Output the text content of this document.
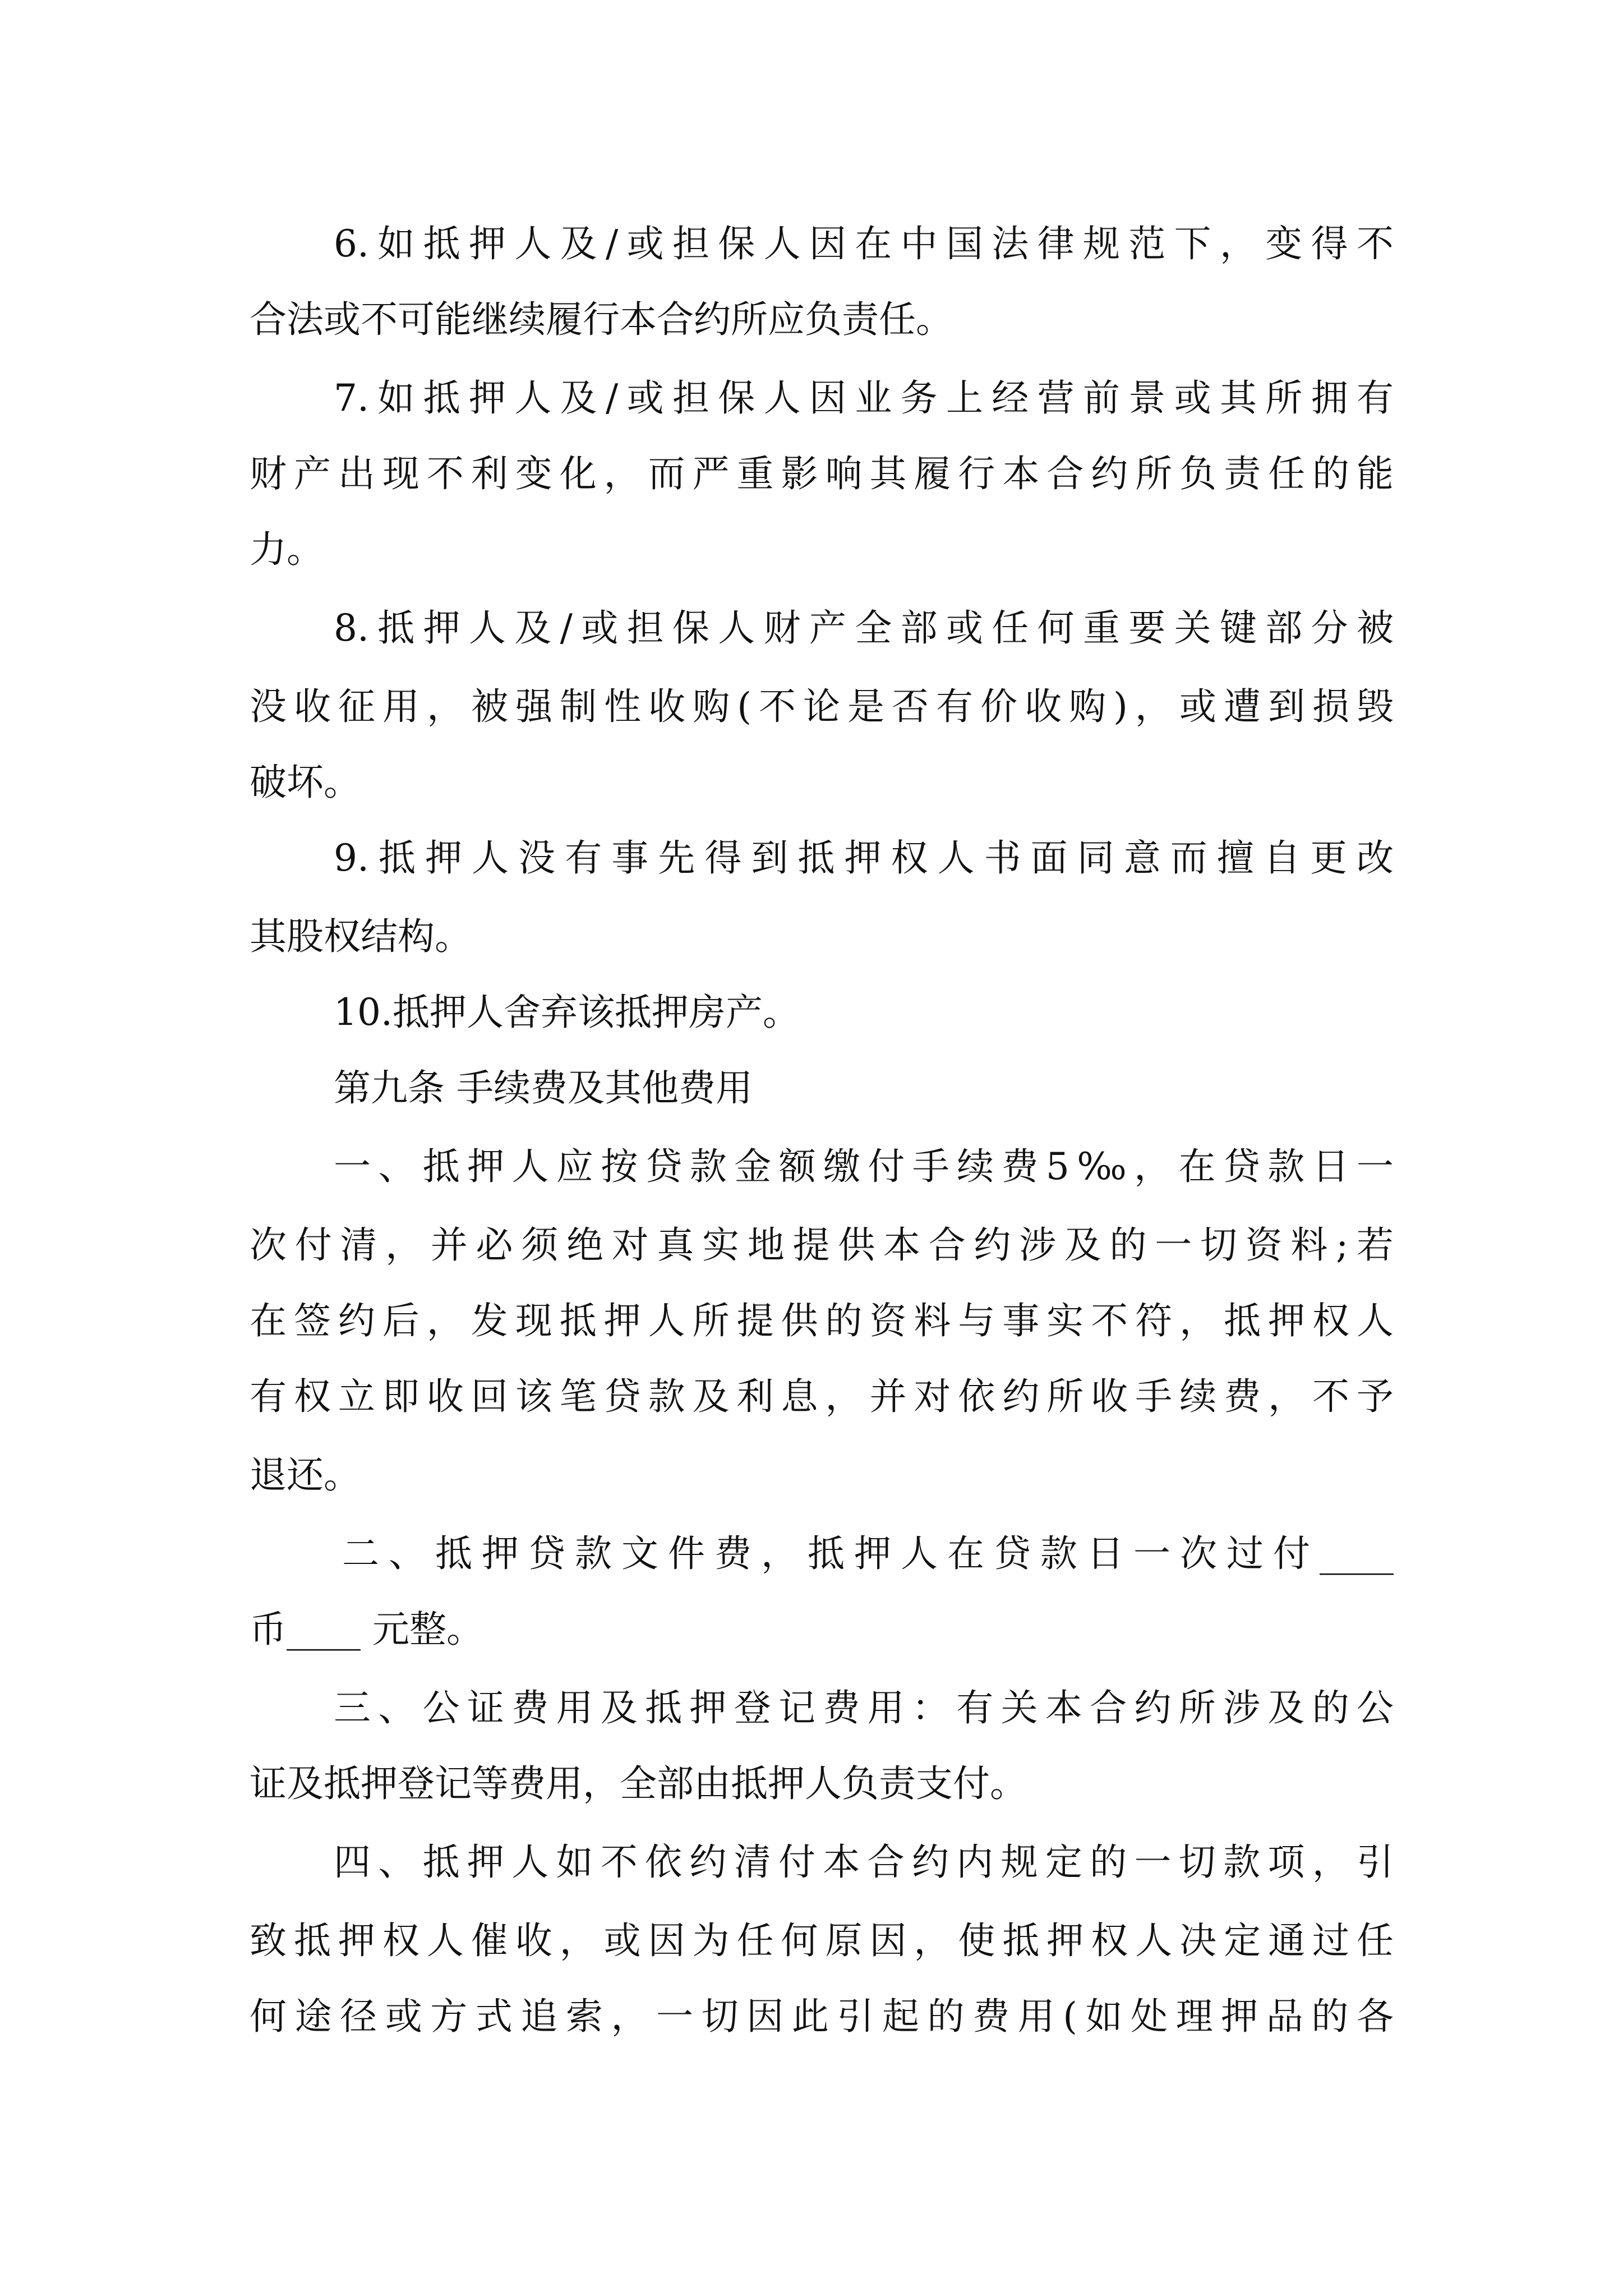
6.如抵押人及/或担保人因在中国法律规范下，变得不
合法或不可能继续履行本合约所应负责任。
7.如抵押人及/或担保人因业务上经营前景或其所拥有
财产出现不利变化，而严重影响其履行本合约所负责任的能
力。
8.抵押人及/或担保人财产全部或任何重要关键部分被
没收征用，被强制性收购(不论是否有价收购)，或遭到损毁
破坏。
9.抵押人没有事先得到抵押权人书面同意而擅自更改
其股权结构。
10.抵押人舍弃该抵押房产。
第九条 手续费及其他费用
一、抵押人应按贷款金额缴付手续费5‰，在贷款日一
次付清，并必须绝对真实地提供本合约涉及的一切资料;若
在签约后，发现抵押人所提供的资料与事实不符，抵押权人
有权立即收回该笔贷款及利息，并对依约所收手续费，不予
退还。
二、抵押贷款文件费，抵押人在贷款日一次过付____
币____ 元整。
三、公证费用及抵押登记费用：有关本合约所涉及的公
证及抵押登记等费用，全部由抵押人负责支付。
四、抵押人如不依约清付本合约内规定的一切款项，引
致抵押权人催收，或因为任何原因，使抵押权人决定通过任
何途径或方式追索，一切因此引起的费用(如处理押品的各
